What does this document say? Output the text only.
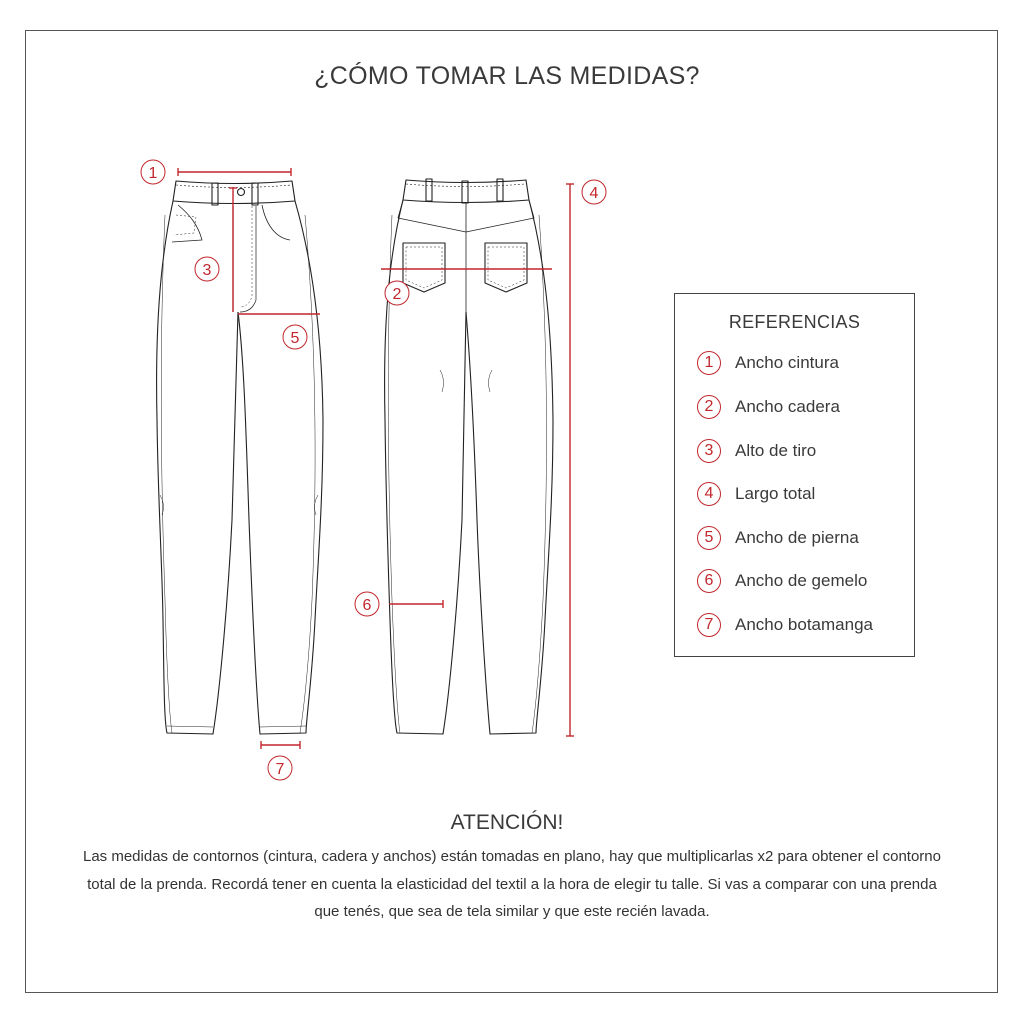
¿CÓMO TOMAR LAS MEDIDAS?
1
3
5
2
4
6
7
REFERENCIAS
1	Ancho cintura
2	Ancho cadera
3	Alto de tiro
4	Largo total
5	Ancho de pierna
6	Ancho de gemelo
7	Ancho botamanga
ATENCIÓN!
Las medidas de contornos (cintura, cadera y anchos) están tomadas en plano, hay que multiplicarlas x2 para obtener el contorno total de la prenda. Recordá tener en cuenta la elasticidad del textil a la hora de elegir tu talle. Si vas a comparar con una prenda que tenés, que sea de tela similar y que este recién lavada.
